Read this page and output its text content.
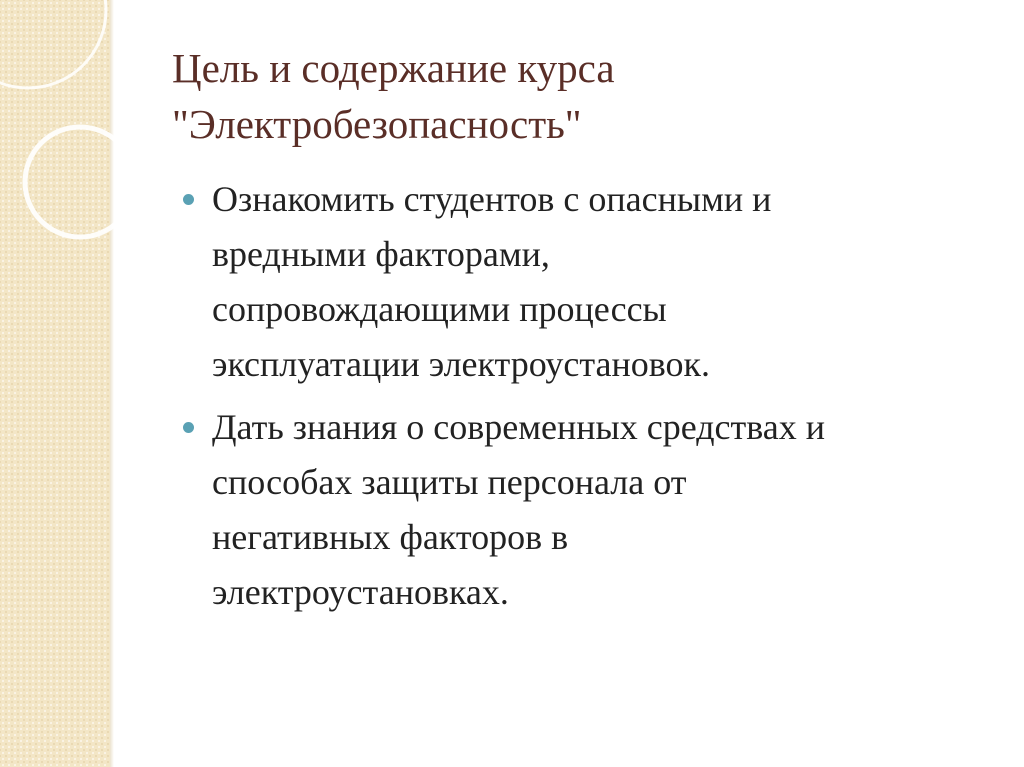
Цель и содержание курса
"Электробезопасность"
Ознакомить студентов с опасными и
вредными факторами,
сопровождающими процессы
эксплуатации электроустановок.
Дать знания о современных средствах и
способах защиты персонала от
негативных факторов в
электроустановках.
